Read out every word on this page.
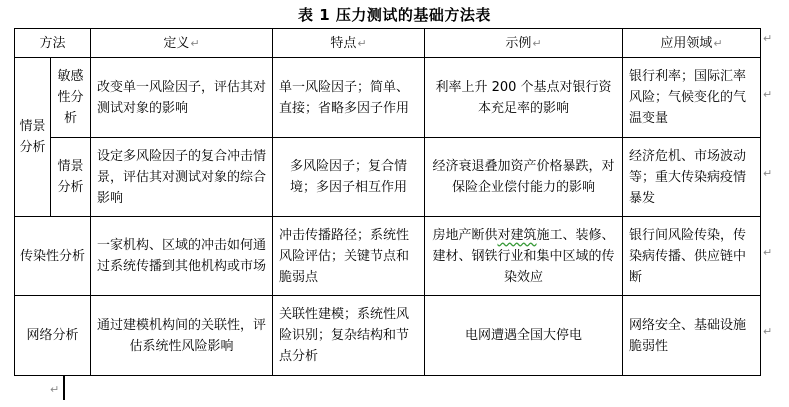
表 1 压力测试的基础方法表
方法		定义↵	特点↵	示例↵	应用领域↵
情景分析	敏感性分析	改变单一风险因子，评估其对测试对象的影响	单一风险因子；简单、直接；省略多因子作用	利率上升 200 个基点对银行资本充足率的影响	银行利率；国际汇率风险；气候变化的气温变量
	情景分析	设定多风险因子的复合冲击情景，评估其对测试对象的综合影响	多风险因子；复合情境；多因子相互作用	经济衰退叠加资产价格暴跌，对保险企业偿付能力的影响	经济危机、市场波动等；重大传染病疫情暴发
传染性分析		一家机构、区域的冲击如何通过系统传播到其他机构或市场	冲击传播路径；系统性风险评估；关键节点和脆弱点	房地产断供对建筑施工、装修、建材、钢铁行业和集中区域的传染效应	银行间风险传染，传染病传播、供应链中断
网络分析		通过建模机构间的关联性，评估系统性风险影响	关联性建模；系统性风险识别；复杂结构和节点分析	电网遭遇全国大停电	网络安全、基础设施脆弱性
↵
↵
↵
↵
↵
↵
